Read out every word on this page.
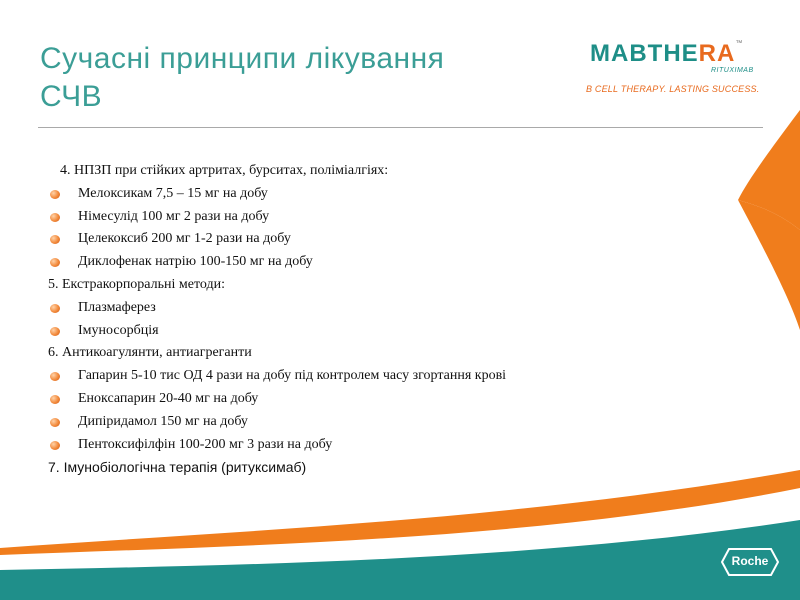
Сучасні принципи лікування
СЧВ
MABTHERA™
RITUXIMAB
B CELL THERAPY. LASTING SUCCESS.
4. НПЗП при стійких артритах, бурситах, поліміалгіях:
Мелоксикам 7,5 – 15 мг на добу
Німесулід 100 мг 2 рази на добу
Целекоксиб 200 мг 1-2 рази на добу
Диклофенак натрію 100-150 мг на добу
5. Екстракорпоральні методи:
Плазмаферез
Імуносорбція
6. Антикоагулянти, антиагреганти
Гапарин 5-10 тис ОД 4 рази на добу під контролем часу згортання крові
Еноксапарин 20-40 мг на добу
Дипіридамол 150 мг на добу
Пентоксифілфін 100-200 мг 3 рази на добу
7. Імунобіологічна терапія (ритуксимаб)
Roche
